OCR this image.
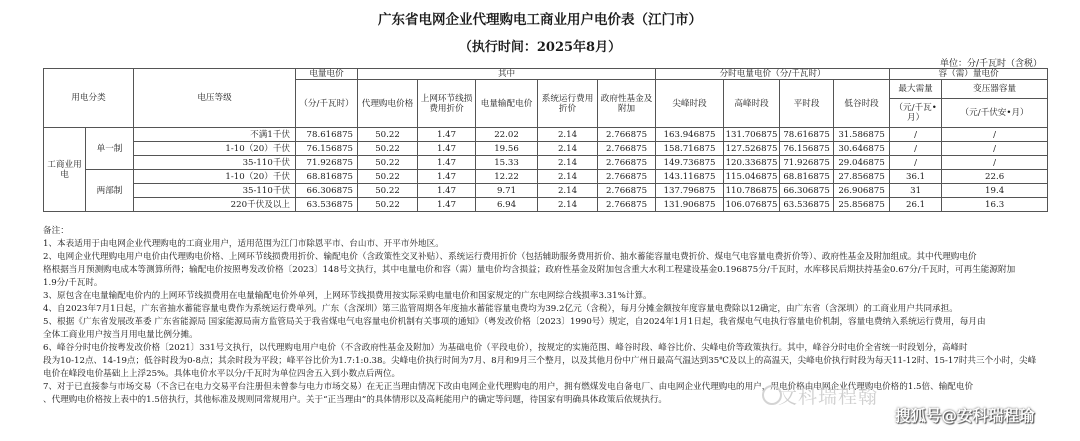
广东省电网企业代理购电工商业用户电价表（江门市）
（执行时间：2025年8月）
单位：分/千瓦时（含税）
用电分类		电压等级	电量电价	其中					分时电量电价（分/千瓦时）				容（需）量电价	
			（分/千瓦时）	代理购电价格	上网环节线损费用折价	电量输配电价	系统运行费用折价	政府性基金及附加	尖峰时段	高峰时段	平时段	低谷时段	最大需量	变压器容量
													（元/千瓦•月）	（元/千伏安•月）
工商业用电	单一制	不满1千伏	78.616875	50.22	1.47	22.02	2.14	2.766875	163.946875	131.706875	78.616875	31.586875	/	/
		1-10（20）千伏	76.156875	50.22	1.47	19.56	2.14	2.766875	158.716875	127.526875	76.156875	30.646875	/	/
		35-110千伏	71.926875	50.22	1.47	15.33	2.14	2.766875	149.736875	120.336875	71.926875	29.046875	/	/
	两部制	1-10（20）千伏	68.816875	50.22	1.47	12.22	2.14	2.766875	143.116875	115.046875	68.816875	27.856875	36.1	22.6
		35-110千伏	66.306875	50.22	1.47	9.71	2.14	2.766875	137.796875	110.786875	66.306875	26.906875	31	19.4
		220千伏及以上	63.536875	50.22	1.47	6.94	2.14	2.766875	131.906875	106.076875	63.536875	25.856875	26.1	16.3

备注：

1、本表适用于由电网企业代理购电的工商业用户，适用范围为江门市除恩平市、台山市、开平市外地区。

2、电网企业代理购电用户电价由代理购电价格、上网环节线损费用折价、输配电价（含政策性交叉补贴）、系统运行费用折价（包括辅助服务费用折价、抽水蓄能容量电费折价、煤电气电容量电费折价等）、政府性基金及附加组成。其中代理购电价

格根据当月预测购电成本等测算所得；输配电价按照粤发改价格〔2023〕148号文执行，其中电量电价和容（需）量电价均含损益；政府性基金及附加包含重大水利工程建设基金0.196875分/千瓦时，水库移民后期扶持基金0.67分/千瓦时，可再生能源附加

1.9分/千瓦时。

3、原包含在电量输配电价内的上网环节线损费用在电量输配电价外单列，上网环节线损费用按实际采购电量电价和国家规定的广东电网综合线损率3.31%计算。

4、自2023年7月1日起，广东省抽水蓄能容量电费作为系统运行费单列。广东（含深圳）第三监管周期各年度抽水蓄能容量电费均为39.2亿元（含税），每月分摊金额按年度容量电费除以12确定，由广东省（含深圳）的工商业用户共同承担。

5、根据《广东省发展改革委 广东省能源局 国家能源局南方监管局关于我省煤电气电容量电价机制有关事项的通知》（粤发改价格〔2023〕1990号）规定，自2024年1月1日起，我省煤电气电执行容量电价机制，容量电费纳入系统运行费用，每月由

全体工商业用户按当月用电量比例分摊。

6、峰谷分时电价按粤发改价格〔2021〕331号文执行，以代理购电用户电价（不含政府性基金及附加）为基础电价（平段电价），按规定的实施范围、峰谷时段、峰谷比价、尖峰电价等政策执行。其中，峰谷分时电价全省统一时段划分，高峰时

段为10-12点、14-19点；低谷时段为0-8点；其余时段为平段；峰平谷比价为1.7:1:0.38。尖峰电价执行时间为7月、8月和9月三个整月，以及其他月份中广州日最高气温达到35℃及以上的高温天，尖峰电价执行时段为每天11-12时、15-17时共三个小时，尖峰

电价在峰段电价基础上上浮25%。具体电价水平以分/千瓦时为单位四舍五入到小数点后两位。

7、对于已直接参与市场交易（不含已在电力交易平台注册但未曾参与电力市场交易）在无正当理由情况下改由电网企业代理购电的用户，拥有燃煤发电自备电厂、由电网企业代理购电的用户，用电价格由电网企业代理购电价格的1.5倍、输配电价

、代理购电价格按上表中的1.5倍执行，其他标准及规则同常规用户。关于“正当理由”的具体情形以及高耗能用户的确定等问题，待国家有明确具体政策后依规执行。	文科瑞程翰
搜狐号@安科瑞程瑜
